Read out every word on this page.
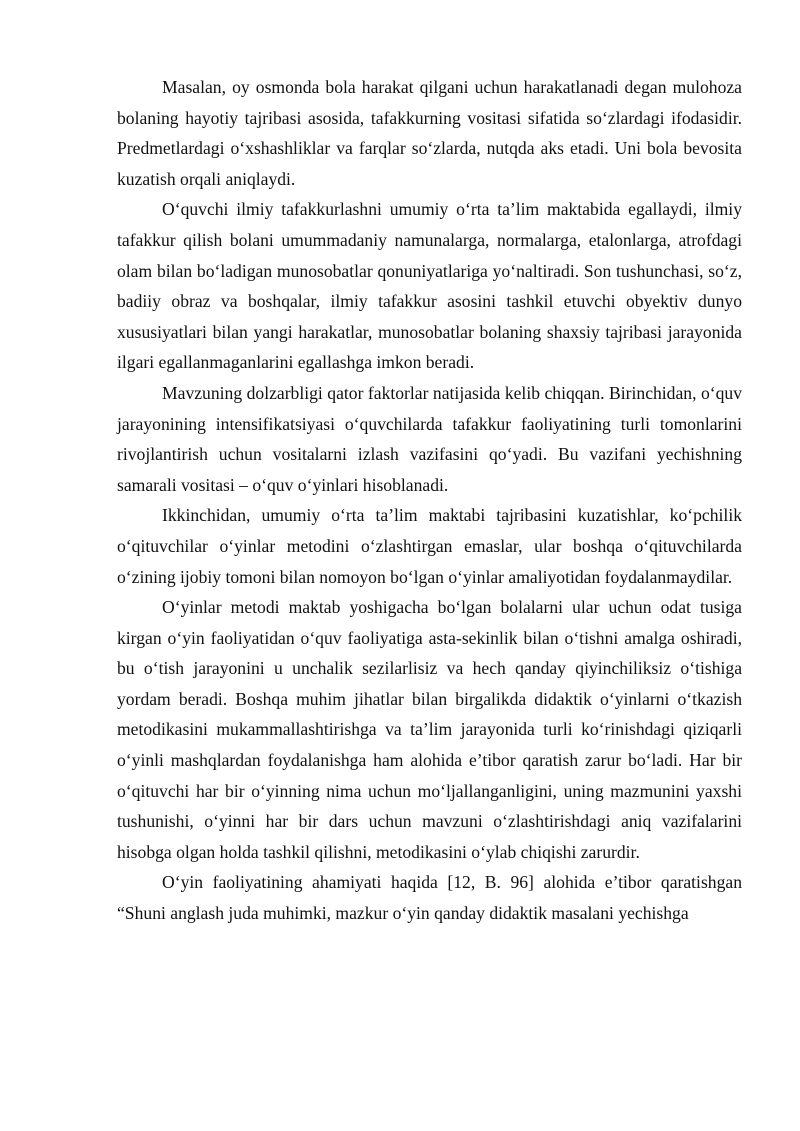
Masalan, oy osmonda bola harakat qilgani uchun harakatlanadi degan mulohoza bolaning hayotiy tajribasi asosida, tafakkurning vositasi sifatida so‘zlardagi ifodasidir. Predmetlardagi o‘xshashliklar va farqlar so‘zlarda, nutqda aks etadi. Uni bola bevosita kuzatish orqali aniqlaydi.

O‘quvchi ilmiy tafakkurlashni umumiy o‘rta ta’lim maktabida egallaydi, ilmiy tafakkur qilish bolani umummadaniy namunalarga, normalarga, etalonlarga, atrofdagi olam bilan bo‘ladigan munosobatlar qonuniyatlariga yo‘naltiradi. Son tushunchasi, so‘z, badiiy obraz va boshqalar, ilmiy tafakkur asosini tashkil etuvchi obyektiv dunyo xususiyatlari bilan yangi harakatlar, munosobatlar bolaning shaxsiy tajribasi jarayonida ilgari egallanmaganlarini egallashga imkon beradi.

Mavzuning dolzarbligi qator faktorlar natijasida kelib chiqqan. Birinchidan, o‘quv jarayonining intensifikatsiyasi o‘quvchilarda tafakkur faoliyatining turli tomonlarini rivojlantirish uchun vositalarni izlash vazifasini qo‘yadi. Bu vazifani yechishning samarali vositasi – o‘quv o‘yinlari hisoblanadi.

Ikkinchidan, umumiy o‘rta ta’lim maktabi tajribasini kuzatishlar, ko‘pchilik o‘qituvchilar o‘yinlar metodini o‘zlashtirgan emaslar, ular boshqa o‘qituvchilarda o‘zining ijobiy tomoni bilan nomoyon bo‘lgan o‘yinlar amaliyotidan foydalanmaydilar.

O‘yinlar metodi maktab yoshigacha bo‘lgan bolalarni ular uchun odat tusiga kirgan o‘yin faoliyatidan o‘quv faoliyatiga asta-sekinlik bilan o‘tishni amalga oshiradi, bu o‘tish jarayonini u unchalik sezilarlisiz va hech qanday qiyinchiliksiz o‘tishiga yordam beradi. Boshqa muhim jihatlar bilan birgalikda didaktik o‘yinlarni o‘tkazish metodikasini mukammallashtirishga va ta’lim jarayonida turli ko‘rinishdagi qiziqarli o‘yinli mashqlardan foydalanishga ham alohida e’tibor qaratish zarur bo‘ladi. Har bir o‘qituvchi har bir o‘yinning nima uchun mo‘ljallanganligini, uning mazmunini yaxshi tushunishi, o‘yinni har bir dars uchun mavzuni o‘zlashtirishdagi aniq vazifalarini hisobga olgan holda tashkil qilishni, metodikasini o‘ylab chiqishi zarurdir.

O‘yin faoliyatining ahamiyati haqida [12, B. 96] alohida e’tibor qaratishgan “Shuni anglash juda muhimki, mazkur o‘yin qanday didaktik masalani yechishga
